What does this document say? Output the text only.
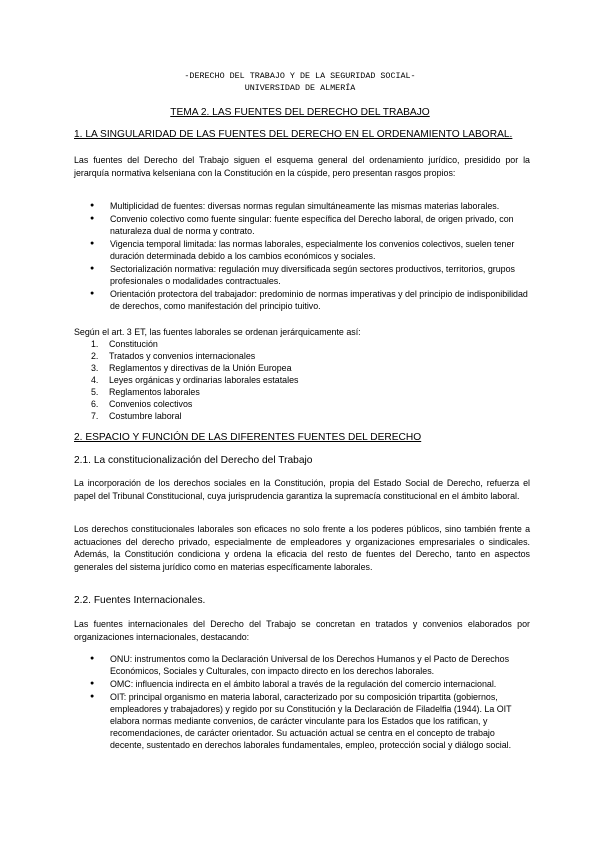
-DERECHO DEL TRABAJO Y DE LA SEGURIDAD SOCIAL-
UNIVERSIDAD DE ALMERÍA
TEMA 2. LAS FUENTES DEL DERECHO DEL TRABAJO
1. LA SINGULARIDAD DE LAS FUENTES DEL DERECHO EN EL ORDENAMIENTO LABORAL.
Las fuentes del Derecho del Trabajo siguen el esquema general del ordenamiento jurídico, presidido por la jerarquía normativa kelseniana con la Constitución en la cúspide, pero presentan rasgos propios:
● Multiplicidad de fuentes: diversas normas regulan simultáneamente las mismas materias laborales.
● Convenio colectivo como fuente singular: fuente específica del Derecho laboral, de origen privado, con naturaleza dual de norma y contrato.
● Vigencia temporal limitada: las normas laborales, especialmente los convenios colectivos, suelen tener duración determinada debido a los cambios económicos y sociales.
● Sectorialización normativa: regulación muy diversificada según sectores productivos, territorios, grupos profesionales o modalidades contractuales.
● Orientación protectora del trabajador: predominio de normas imperativas y del principio de indisponibilidad de derechos, como manifestación del principio tuitivo.
Según el art. 3 ET, las fuentes laborales se ordenan jerárquicamente así:
1. Constitución
2. Tratados y convenios internacionales
3. Reglamentos y directivas de la Unión Europea
4. Leyes orgánicas y ordinarias laborales estatales
5. Reglamentos laborales
6. Convenios colectivos
7. Costumbre laboral
2. ESPACIO Y FUNCIÓN DE LAS DIFERENTES FUENTES DEL DERECHO
2.1. La constitucionalización del Derecho del Trabajo
La incorporación de los derechos sociales en la Constitución, propia del Estado Social de Derecho, refuerza el papel del Tribunal Constitucional, cuya jurisprudencia garantiza la supremacía constitucional en el ámbito laboral.
Los derechos constitucionales laborales son eficaces no solo frente a los poderes públicos, sino también frente a actuaciones del derecho privado, especialmente de empleadores y organizaciones empresariales o sindicales. Además, la Constitución condiciona y ordena la eficacia del resto de fuentes del Derecho, tanto en aspectos generales del sistema jurídico como en materias específicamente laborales.
2.2. Fuentes Internacionales.
Las fuentes internacionales del Derecho del Trabajo se concretan en tratados y convenios elaborados por organizaciones internacionales, destacando:
● ONU: instrumentos como la Declaración Universal de los Derechos Humanos y el Pacto de Derechos Económicos, Sociales y Culturales, con impacto directo en los derechos laborales.
● OMC: influencia indirecta en el ámbito laboral a través de la regulación del comercio internacional.
● OIT: principal organismo en materia laboral, caracterizado por su composición tripartita (gobiernos, empleadores y trabajadores) y regido por su Constitución y la Declaración de Filadelfia (1944). La OIT elabora normas mediante convenios, de carácter vinculante para los Estados que los ratifican, y recomendaciones, de carácter orientador. Su actuación actual se centra en el concepto de trabajo decente, sustentado en derechos laborales fundamentales, empleo, protección social y diálogo social.
